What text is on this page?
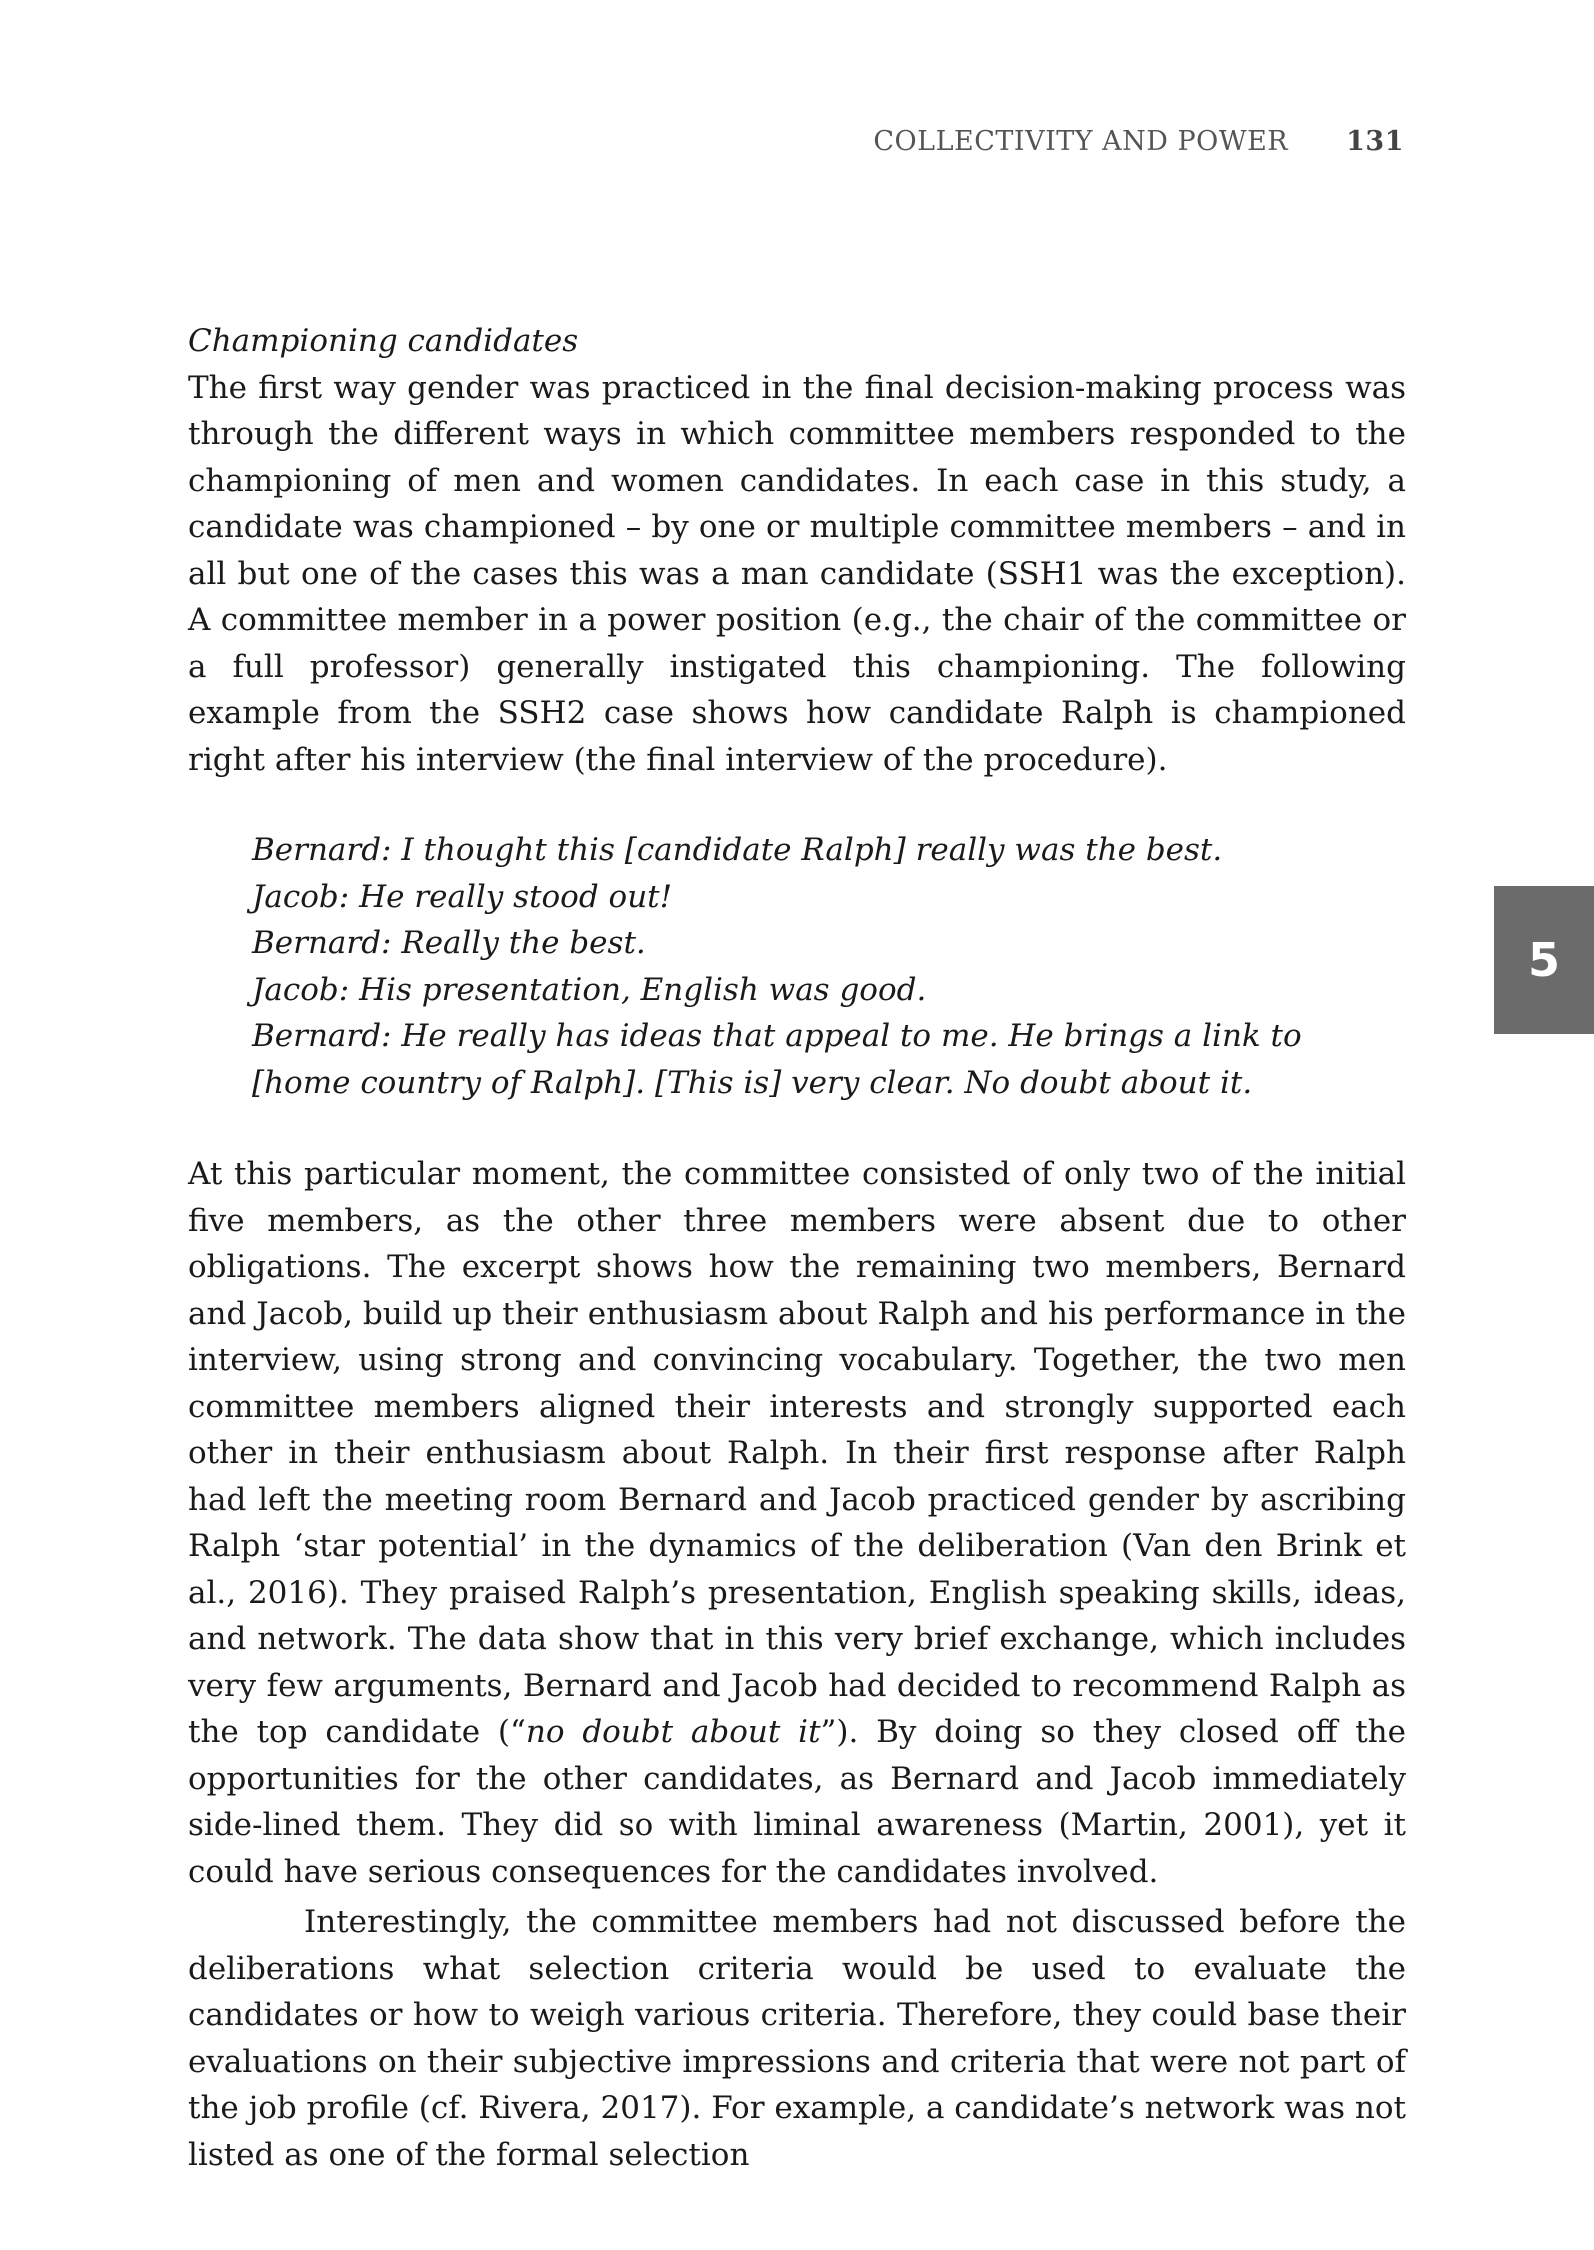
COLLECTIVITY AND POWER 131

Championing candidates

The first way gender was practiced in the final decision-making process was through the different ways in which committee members responded to the championing of men and women candidates. In each case in this study, a candidate was championed – by one or multiple committee members – and in all but one of the cases this was a man candidate (SSH1 was the exception). A committee member in a power position (e.g., the chair of the committee or a full professor) generally instigated this championing. The following example from the SSH2 case shows how candidate Ralph is championed right after his interview (the final interview of the procedure).

Bernard: I thought this [candidate Ralph] really was the best.
Jacob: He really stood out!
Bernard: Really the best.
Jacob: His presentation, English was good.
Bernard: He really has ideas that appeal to me. He brings a link to [home country of Ralph]. [This is] very clear. No doubt about it.

At this particular moment, the committee consisted of only two of the initial five members, as the other three members were absent due to other obligations. The excerpt shows how the remaining two members, Bernard and Jacob, build up their enthusiasm about Ralph and his performance in the interview, using strong and convincing vocabulary. Together, the two men committee members aligned their interests and strongly supported each other in their enthusiasm about Ralph. In their first response after Ralph had left the meeting room Bernard and Jacob practiced gender by ascribing Ralph ‘star potential’ in the dynamics of the deliberation (Van den Brink et al., 2016). They praised Ralph’s presentation, English speaking skills, ideas, and network. The data show that in this very brief exchange, which includes very few arguments, Bernard and Jacob had decided to recommend Ralph as the top candidate (“no doubt about it”). By doing so they closed off the opportunities for the other candidates, as Bernard and Jacob immediately side-lined them. They did so with liminal awareness (Martin, 2001), yet it could have serious consequences for the candidates involved.

Interestingly, the committee members had not discussed before the deliberations what selection criteria would be used to evaluate the candidates or how to weigh various criteria. Therefore, they could base their evaluations on their subjective impressions and criteria that were not part of the job profile (cf. Rivera, 2017). For example, a candidate’s network was not listed as one of the formal selection

5
